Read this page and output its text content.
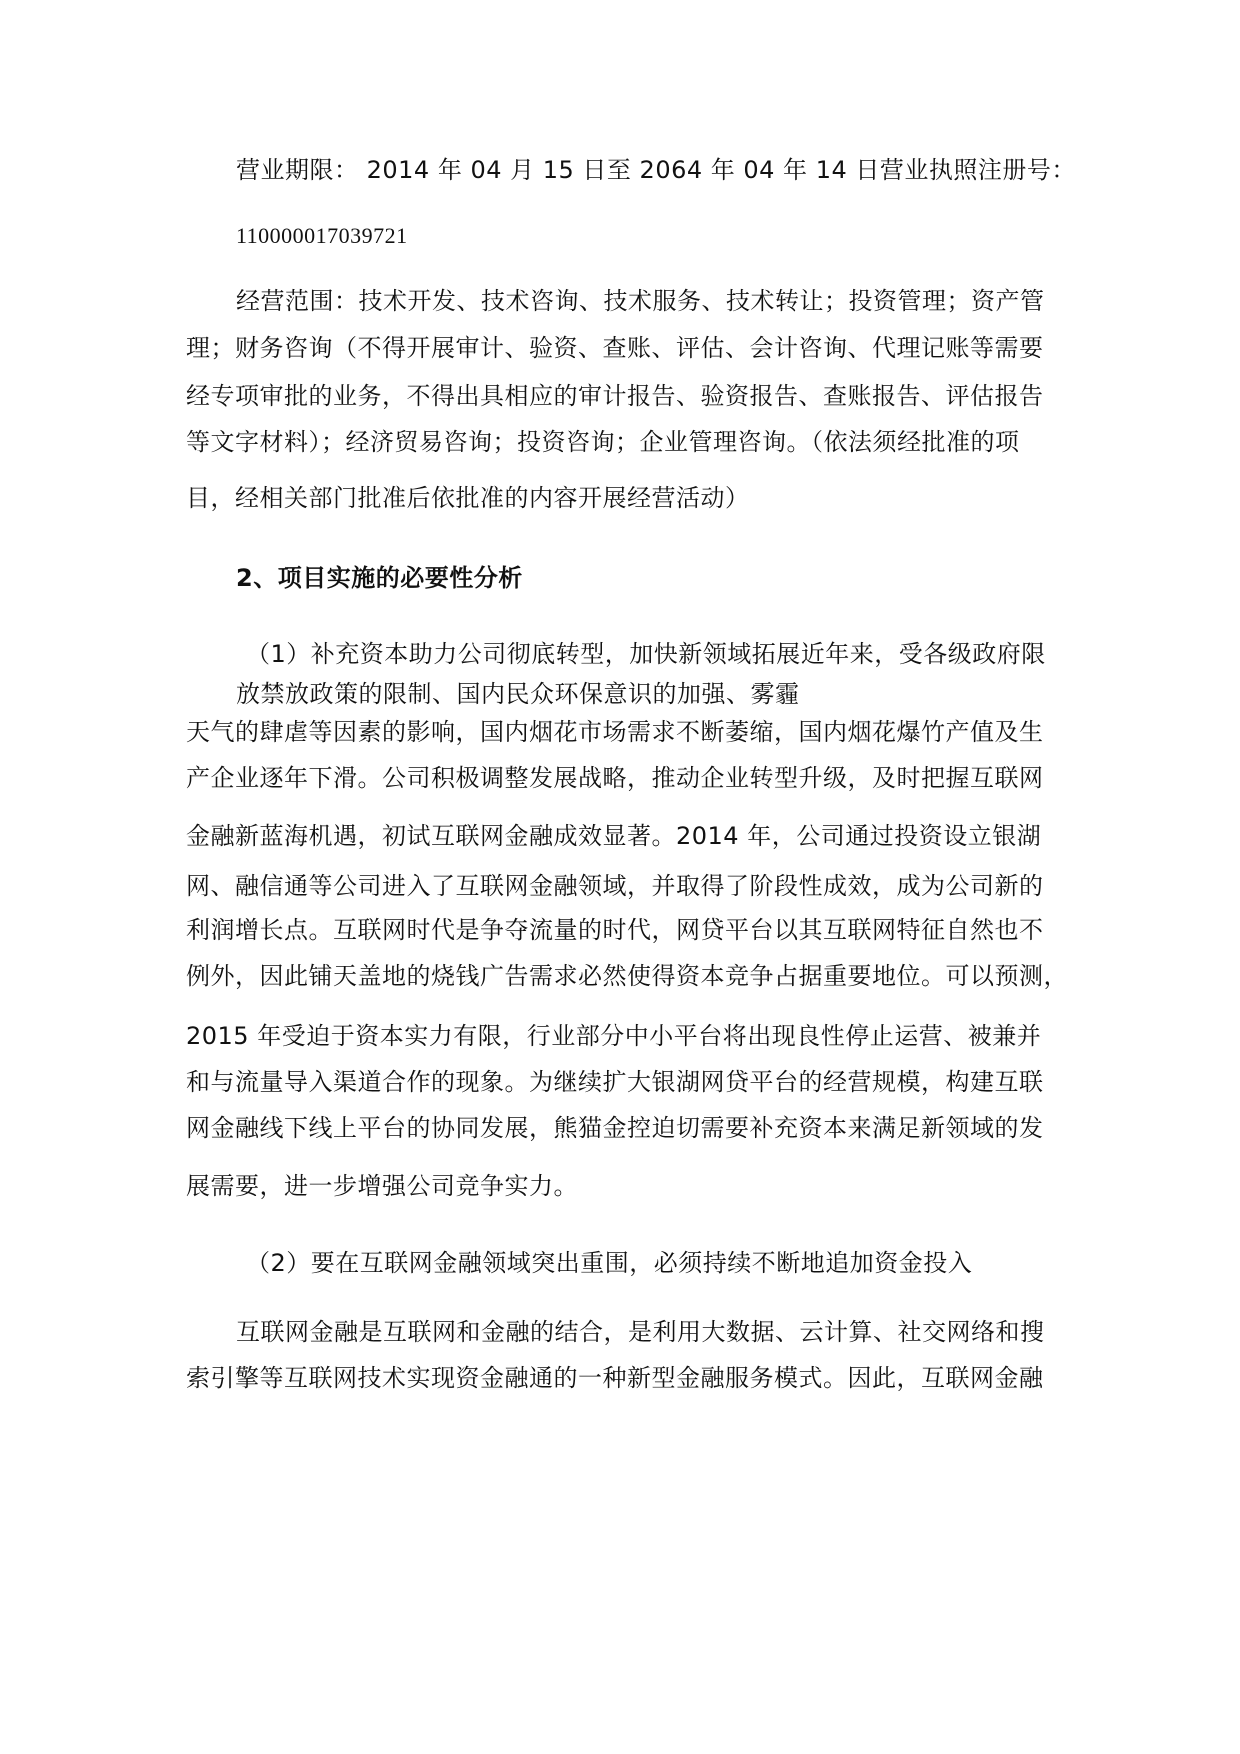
营业期限： 2014 年 04 月 15 日至 2064 年 04 年 14 日营业执照注册号：
110000017039721
经营范围：技术开发、技术咨询、技术服务、技术转让；投资管理；资产管
理；财务咨询（不得开展审计、验资、查账、评估、会计咨询、代理记账等需要
经专项审批的业务，不得出具相应的审计报告、验资报告、查账报告、评估报告
等文字材料）；经济贸易咨询；投资咨询；企业管理咨询。（依法须经批准的项
目，经相关部门批准后依批准的内容开展经营活动）
2、项目实施的必要性分析
（1）补充资本助力公司彻底转型，加快新领域拓展近年来，受各级政府限
放禁放政策的限制、国内民众环保意识的加强、雾霾
天气的肆虐等因素的影响，国内烟花市场需求不断萎缩，国内烟花爆竹产值及生
产企业逐年下滑。公司积极调整发展战略，推动企业转型升级，及时把握互联网
金融新蓝海机遇，初试互联网金融成效显著。2014 年，公司通过投资设立银湖
网、融信通等公司进入了互联网金融领域，并取得了阶段性成效，成为公司新的
利润增长点。互联网时代是争夺流量的时代，网贷平台以其互联网特征自然也不
例外，因此铺天盖地的烧钱广告需求必然使得资本竞争占据重要地位。可以预测，
2015 年受迫于资本实力有限，行业部分中小平台将出现良性停止运营、被兼并
和与流量导入渠道合作的现象。为继续扩大银湖网贷平台的经营规模，构建互联
网金融线下线上平台的协同发展，熊猫金控迫切需要补充资本来满足新领域的发
展需要，进一步增强公司竞争实力。
（2）要在互联网金融领域突出重围，必须持续不断地追加资金投入
互联网金融是互联网和金融的结合，是利用大数据、云计算、社交网络和搜
索引擎等互联网技术实现资金融通的一种新型金融服务模式。因此，互联网金融
